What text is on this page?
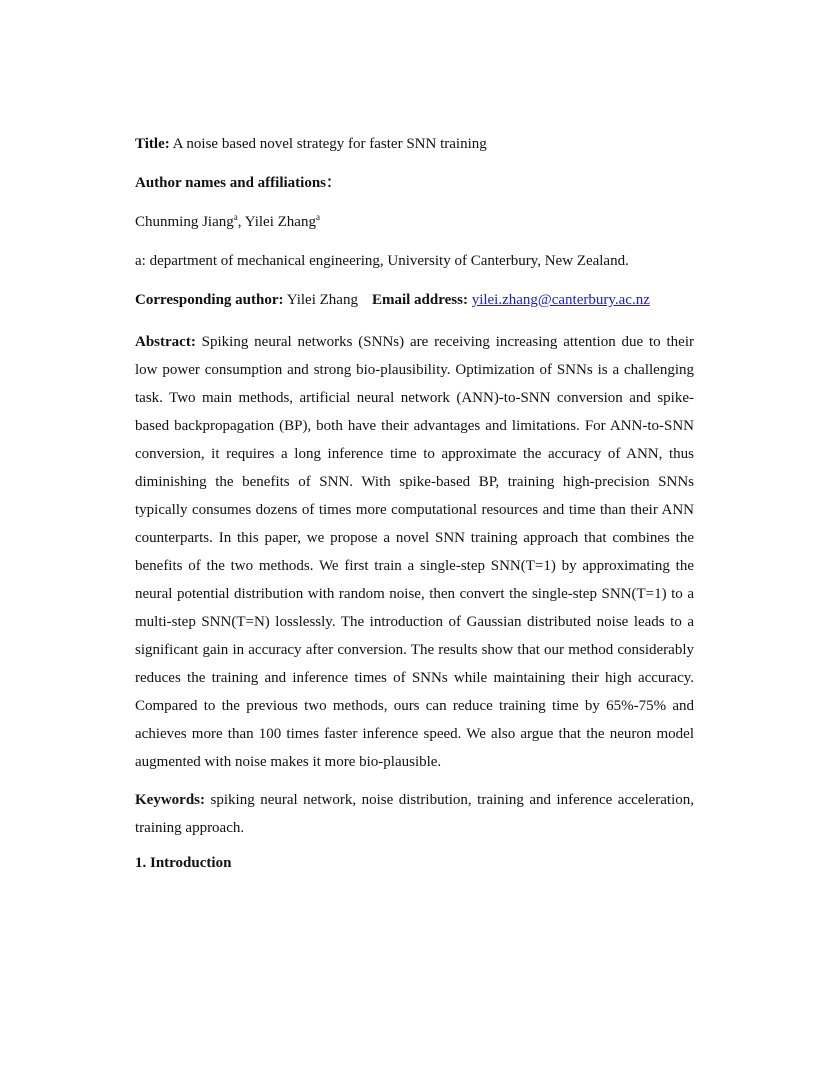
Title: A noise based novel strategy for faster SNN training

Author names and affiliations：

Chunming Jiang$^a$, Yilei Zhang$^a$

a: department of mechanical engineering, University of Canterbury, New Zealand.

Corresponding author: Yilei Zhang Email address: yilei.zhang@canterbury.ac.nz

Abstract: Spiking neural networks (SNNs) are receiving increasing attention due to their low power consumption and strong bio-plausibility. Optimization of SNNs is a challenging task. Two main methods, artificial neural network (ANN)-to-SNN conversion and spike-based backpropagation (BP), both have their advantages and limitations. For ANN-to-SNN conversion, it requires a long inference time to approximate the accuracy of ANN, thus diminishing the benefits of SNN. With spike-based BP, training high-precision SNNs typically consumes dozens of times more computational resources and time than their ANN counterparts. In this paper, we propose a novel SNN training approach that combines the benefits of the two methods. We first train a single-step SNN(T=1) by approximating the neural potential distribution with random noise, then convert the single-step SNN(T=1) to a multi-step SNN(T=N) losslessly. The introduction of Gaussian distributed noise leads to a significant gain in accuracy after conversion. The results show that our method considerably reduces the training and inference times of SNNs while maintaining their high accuracy. Compared to the previous two methods, ours can reduce training time by 65%-75% and achieves more than 100 times faster inference speed. We also argue that the neuron model augmented with noise makes it more bio-plausible.

Keywords: spiking neural network, noise distribution, training and inference acceleration, training approach.

1. Introduction
